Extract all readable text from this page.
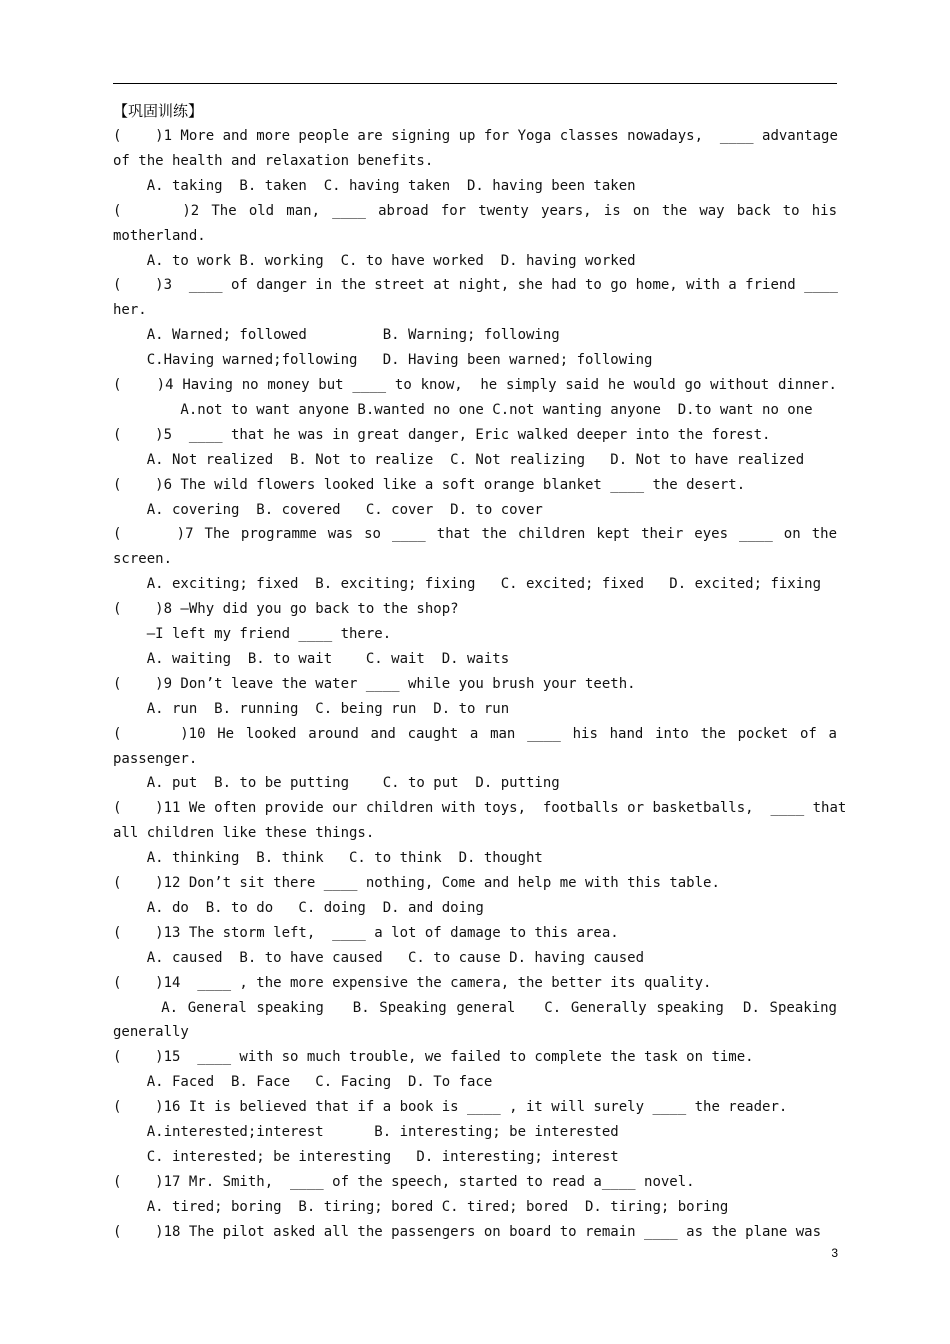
【巩固训练】
(    )1 More and more people are signing up for Yoga classes nowadays,  ____ advantage
of the health and relaxation benefits.
A. taking  B. taken  C. having taken  D. having been taken
(     )2 The old man, ____ abroad for twenty years, is on the way back to his
motherland.
A. to work B. working  C. to have worked  D. having worked
(    )3  ____ of danger in the street at night, she had to go home, with a friend ____
her.
A. Warned; followed         B. Warning; following
C.Having warned;following   D. Having been warned; following
(    )4 Having no money but ____ to know,  he simply said he would go without dinner.
A.not to want anyone B.wanted no one C.not wanting anyone  D.to want no one
(    )5  ____ that he was in great danger, Eric walked deeper into the forest.
A. Not realized  B. Not to realize  C. Not realizing   D. Not to have realized
(    )6 The wild flowers looked like a soft orange blanket ____ the desert.
A. covering  B. covered   C. cover  D. to cover
(     )7 The programme was so ____ that the children kept their eyes ____ on the
screen.
A. exciting; fixed  B. exciting; fixing   C. excited; fixed   D. excited; fixing
(    )8 —Why did you go back to the shop?
—I left my friend ____ there.
A. waiting  B. to wait    C. wait  D. waits
(    )9 Don’t leave the water ____ while you brush your teeth.
A. run  B. running  C. being run  D. to run
(     )10 He looked around and caught a man ____ his hand into the pocket of a
passenger.
A. put  B. to be putting    C. to put  D. putting
(    )11 We often provide our children with toys,  footballs or basketballs,  ____ that
all children like these things.
A. thinking  B. think   C. to think  D. thought
(    )12 Don’t sit there ____ nothing, Come and help me with this table.
A. do  B. to do   C. doing  D. and doing
(    )13 The storm left,  ____ a lot of damage to this area.
A. caused  B. to have caused   C. to cause D. having caused
(    )14  ____ , the more expensive the camera, the better its quality.
A. General speaking   B. Speaking general   C. Generally speaking  D. Speaking
generally
(    )15  ____ with so much trouble, we failed to complete the task on time.
A. Faced  B. Face   C. Facing  D. To face
(    )16 It is believed that if a book is ____ , it will surely ____ the reader.
A.interested;interest      B. interesting; be interested
C. interested; be interesting   D. interesting; interest
(    )17 Mr. Smith,  ____ of the speech, started to read a____ novel.
A. tired; boring  B. tiring; bored C. tired; bored  D. tiring; boring
(    )18 The pilot asked all the passengers on board to remain ____ as the plane was
3
